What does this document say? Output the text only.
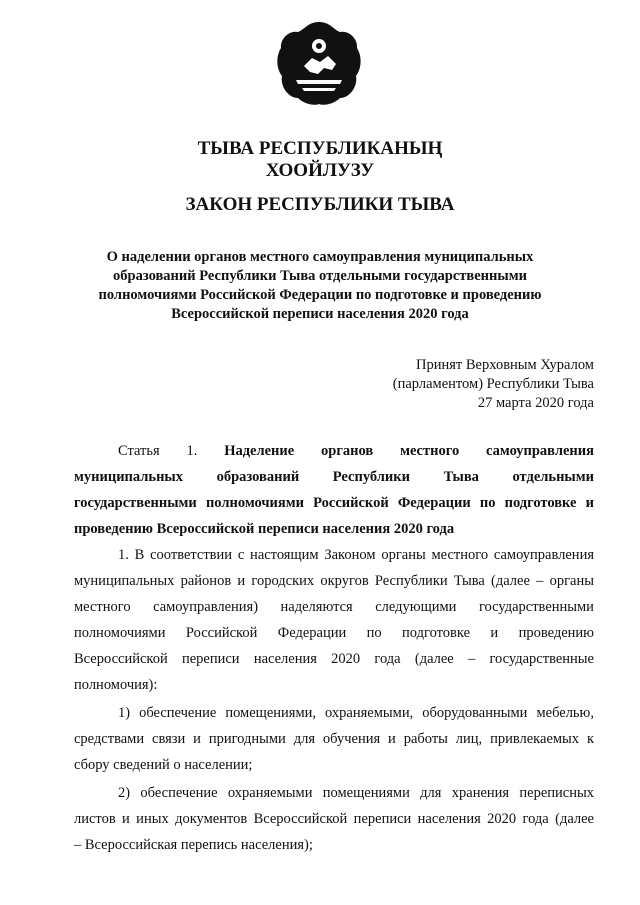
ТЫВА РЕСПУБЛИКАНЫҢ
ХООЙЛУЗУ
ЗАКОН РЕСПУБЛИКИ ТЫВА
О наделении органов местного самоуправления муниципальных
образований Республики Тыва отдельными государственными
полномочиями Российской Федерации по подготовке и проведению
Всероссийской переписи населения 2020 года
Принят Верховным Хуралом
(парламентом) Республики Тыва
27 марта 2020 года
Статья 1. Наделение органов местного самоуправления
муниципальных образований Республики Тыва отдельными
государственными полномочиями Российской Федерации по подготовке и
проведению Всероссийской переписи населения 2020 года
1. В соответствии с настоящим Законом органы местного самоуправления
муниципальных районов и городских округов Республики Тыва (далее – органы
местного самоуправления) наделяются следующими государственными
полномочиями Российской Федерации по подготовке и проведению
Всероссийской переписи населения 2020 года (далее – государственные
полномочия):
1) обеспечение помещениями, охраняемыми, оборудованными мебелью,
средствами связи и пригодными для обучения и работы лиц, привлекаемых к
сбору сведений о населении;
2) обеспечение охраняемыми помещениями для хранения переписных
листов и иных документов Всероссийской переписи населения 2020 года (далее
– Всероссийская перепись населения);
